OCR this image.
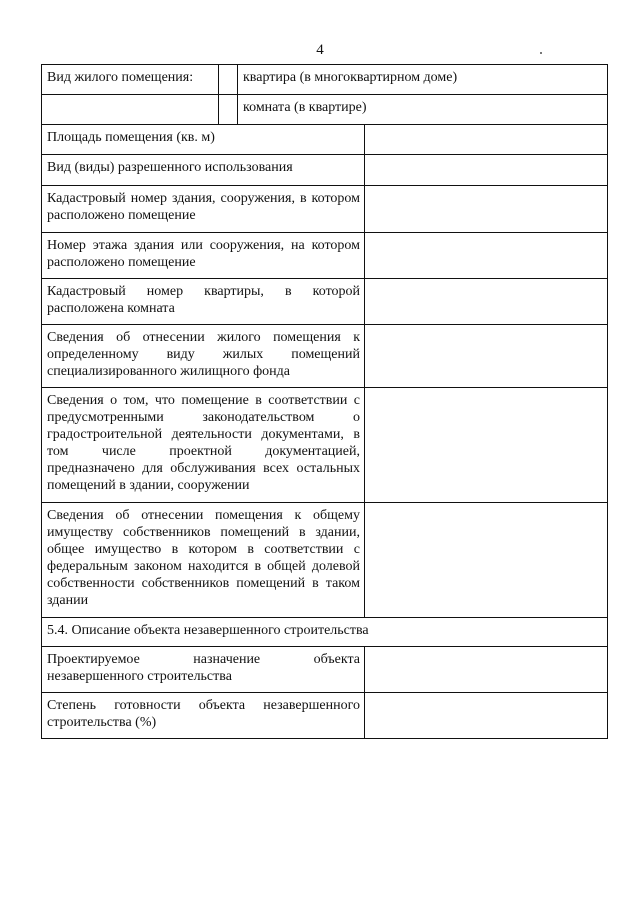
4
Вид жилого помещения:		квартира (в многоквартирном доме)	
		комната (в квартире)	
Площадь помещения (кв. м)			
Вид (виды) разрешенного использования			
Кадастровый номер здания, сооружения, в котором расположено помещение			
Номер этажа здания или сооружения, на котором расположено помещение			
Кадастровый номер квартиры, в которой расположена комната			
Сведения об отнесении жилого помещения к определенному виду жилых помещений специализированного жилищного фонда			
Сведения о том, что помещение в соответствии с предусмотренными законодательством о градостроительной деятельности документами, в том числе проектной документацией, предназначено для обслуживания всех остальных помещений в здании, сооружении			
Сведения об отнесении помещения к общему имуществу собственников помещений в здании, общее имущество в котором в соответствии с федеральным законом находится в общей долевой собственности собственников помещений в таком здании			
5.4. Описание объекта незавершенного строительства			
Проектируемое назначение объекта незавершенного строительства			
Степень готовности объекта незавершенного строительства (%)			
